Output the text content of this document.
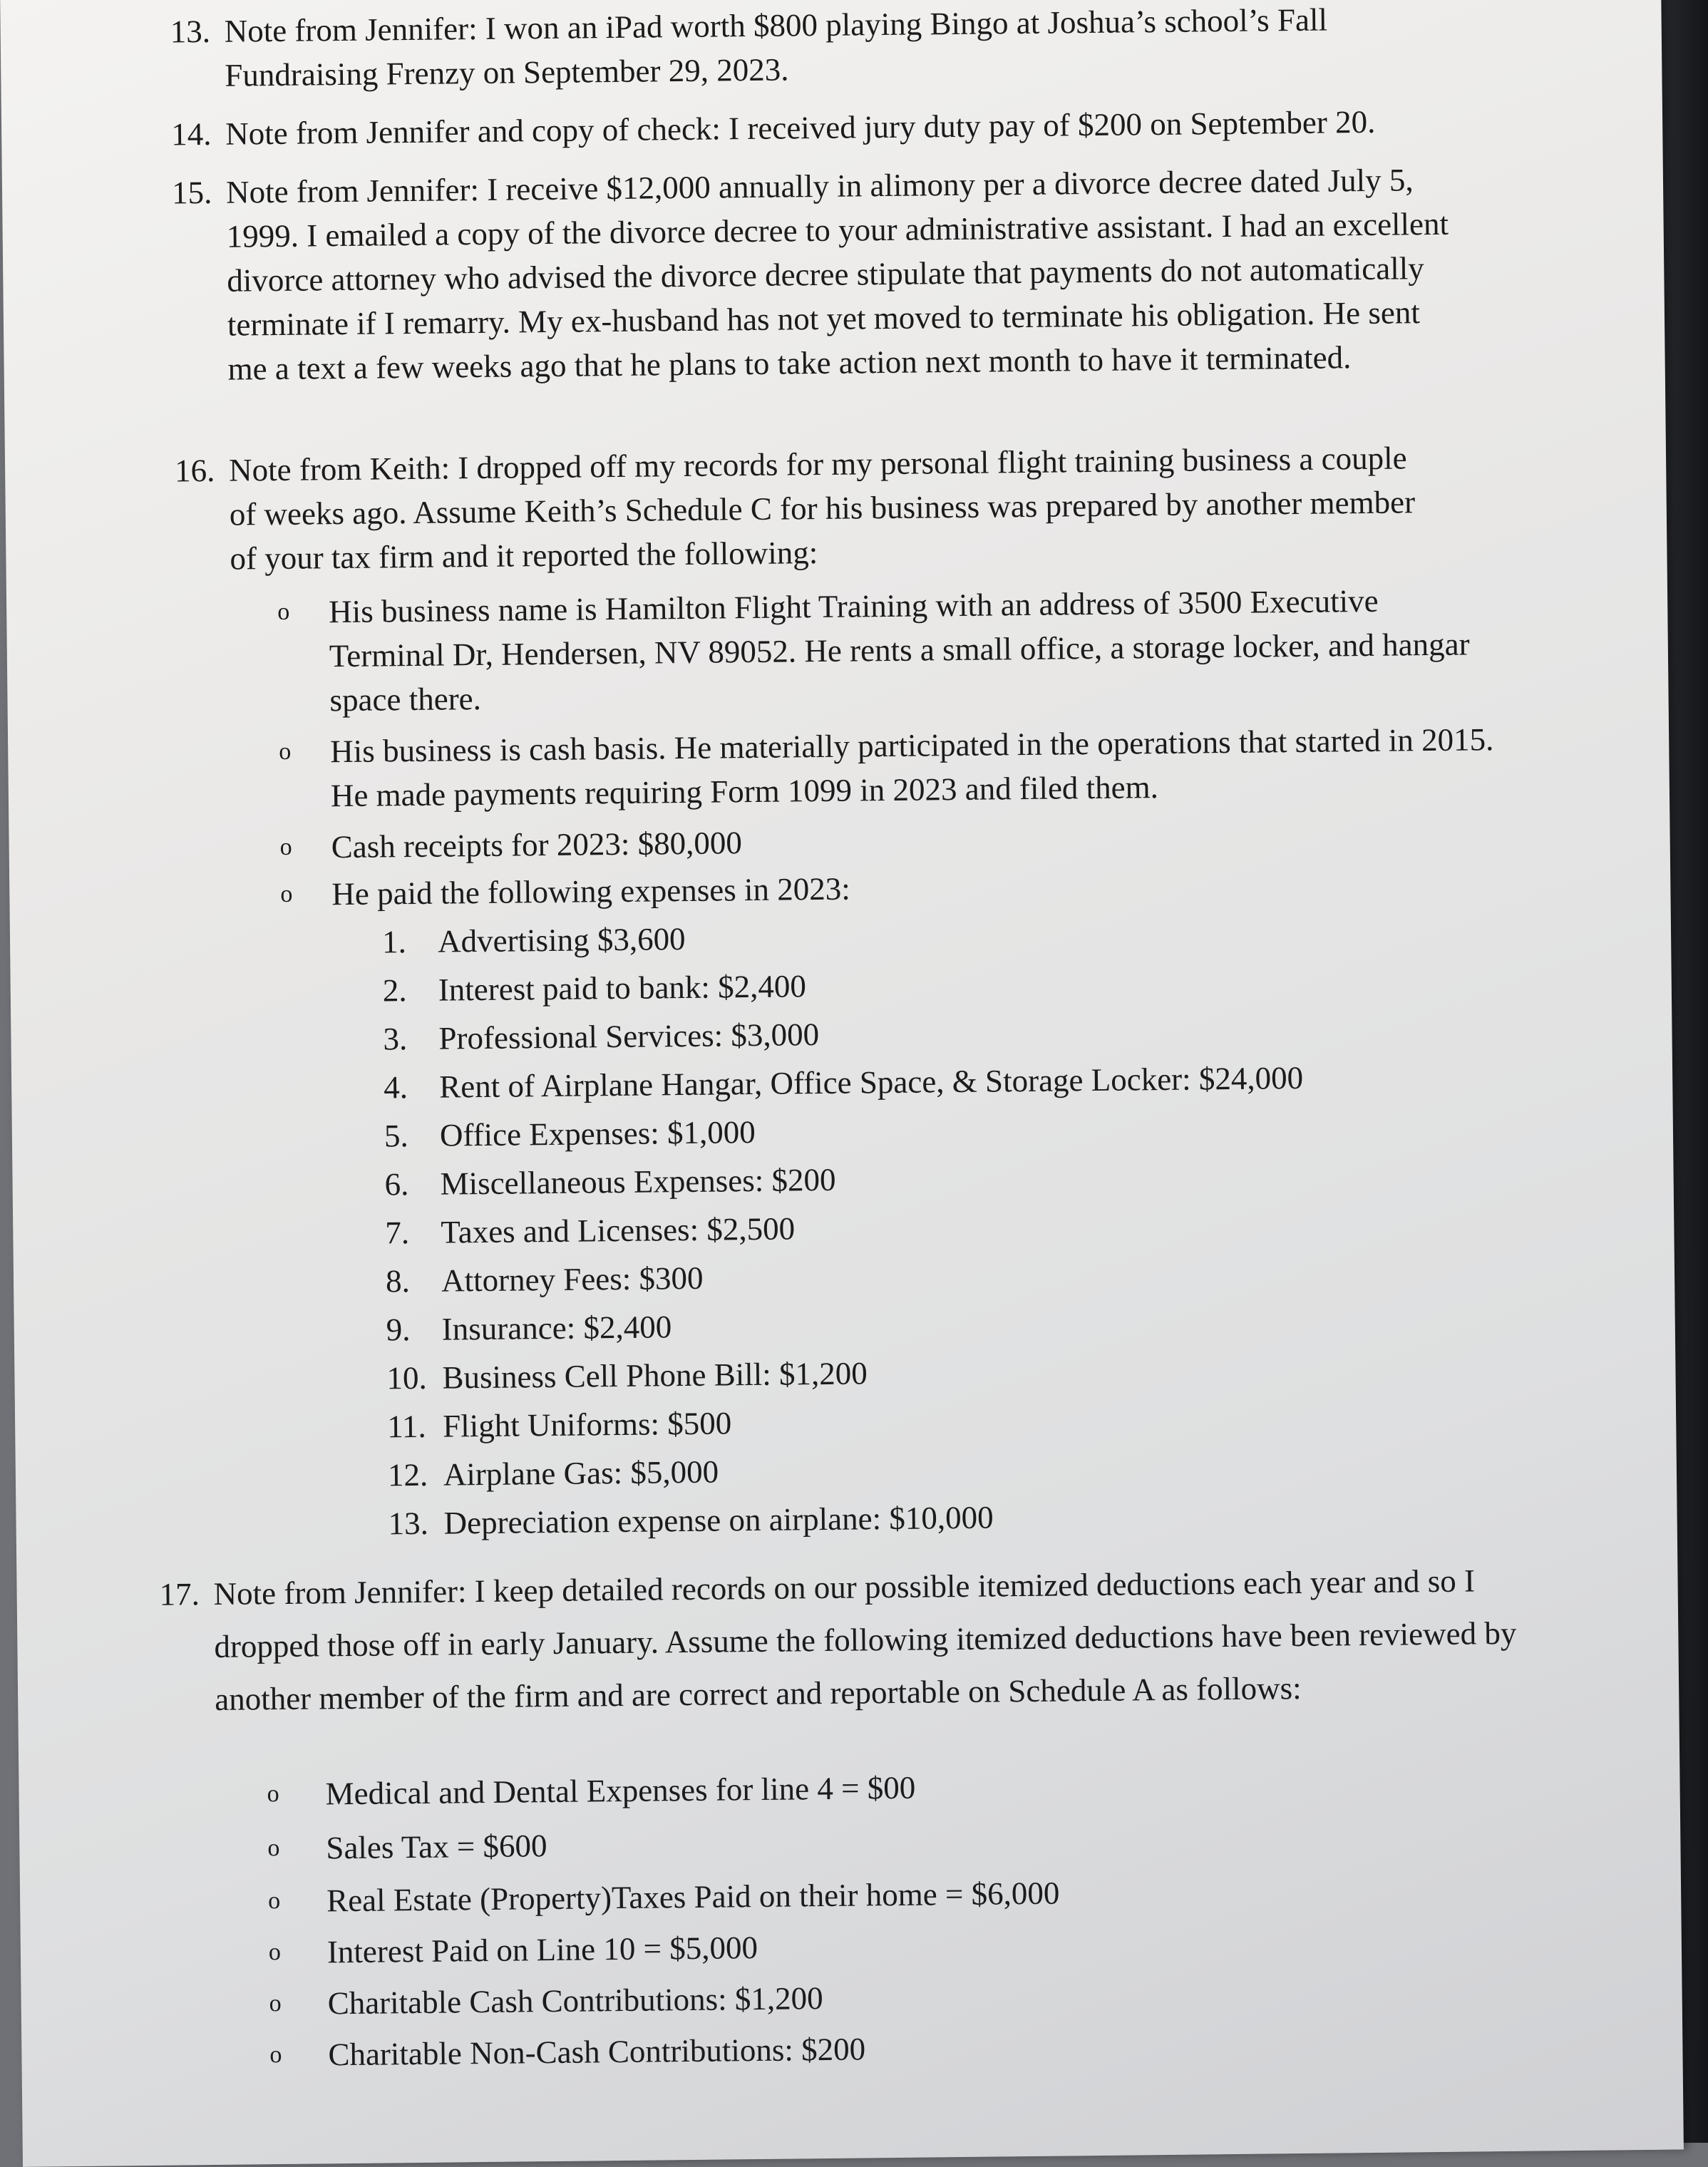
13. Note from Jennifer: I won an iPad worth $800 playing Bingo at Joshua’s school’s Fall Fundraising Frenzy on September 29, 2023.
14. Note from Jennifer and copy of check: I received jury duty pay of $200 on September 20.
15. Note from Jennifer: I receive $12,000 annually in alimony per a divorce decree dated July 5, 1999. I emailed a copy of the divorce decree to your administrative assistant. I had an excellent divorce attorney who advised the divorce decree stipulate that payments do not automatically terminate if I remarry. My ex-husband has not yet moved to terminate his obligation. He sent me a text a few weeks ago that he plans to take action next month to have it terminated.
16. Note from Keith: I dropped off my records for my personal flight training business a couple of weeks ago. Assume Keith’s Schedule C for his business was prepared by another member of your tax firm and it reported the following:
o	His business name is Hamilton Flight Training with an address of 3500 Executive Terminal Dr, Hendersen, NV 89052. He rents a small office, a storage locker, and hangar space there.
o	His business is cash basis. He materially participated in the operations that started in 2015. He made payments requiring Form 1099 in 2023 and filed them.
o	Cash receipts for 2023: $80,000
o	He paid the following expenses in 2023:
1. Advertising $3,600
2. Interest paid to bank: $2,400
3. Professional Services: $3,000
4. Rent of Airplane Hangar, Office Space, & Storage Locker: $24,000
5. Office Expenses: $1,000
6. Miscellaneous Expenses: $200
7. Taxes and Licenses: $2,500
8. Attorney Fees: $300
9. Insurance: $2,400
10. Business Cell Phone Bill: $1,200
11. Flight Uniforms: $500
12. Airplane Gas: $5,000
13. Depreciation expense on airplane: $10,000
17. Note from Jennifer: I keep detailed records on our possible itemized deductions each year and so I dropped those off in early January. Assume the following itemized deductions have been reviewed by another member of the firm and are correct and reportable on Schedule A as follows:
o	Medical and Dental Expenses for line 4 = $00
o	Sales Tax = $600
o	Real Estate (Property)Taxes Paid on their home = $6,000
o	Interest Paid on Line 10 = $5,000
o	Charitable Cash Contributions: $1,200
o	Charitable Non-Cash Contributions: $200
